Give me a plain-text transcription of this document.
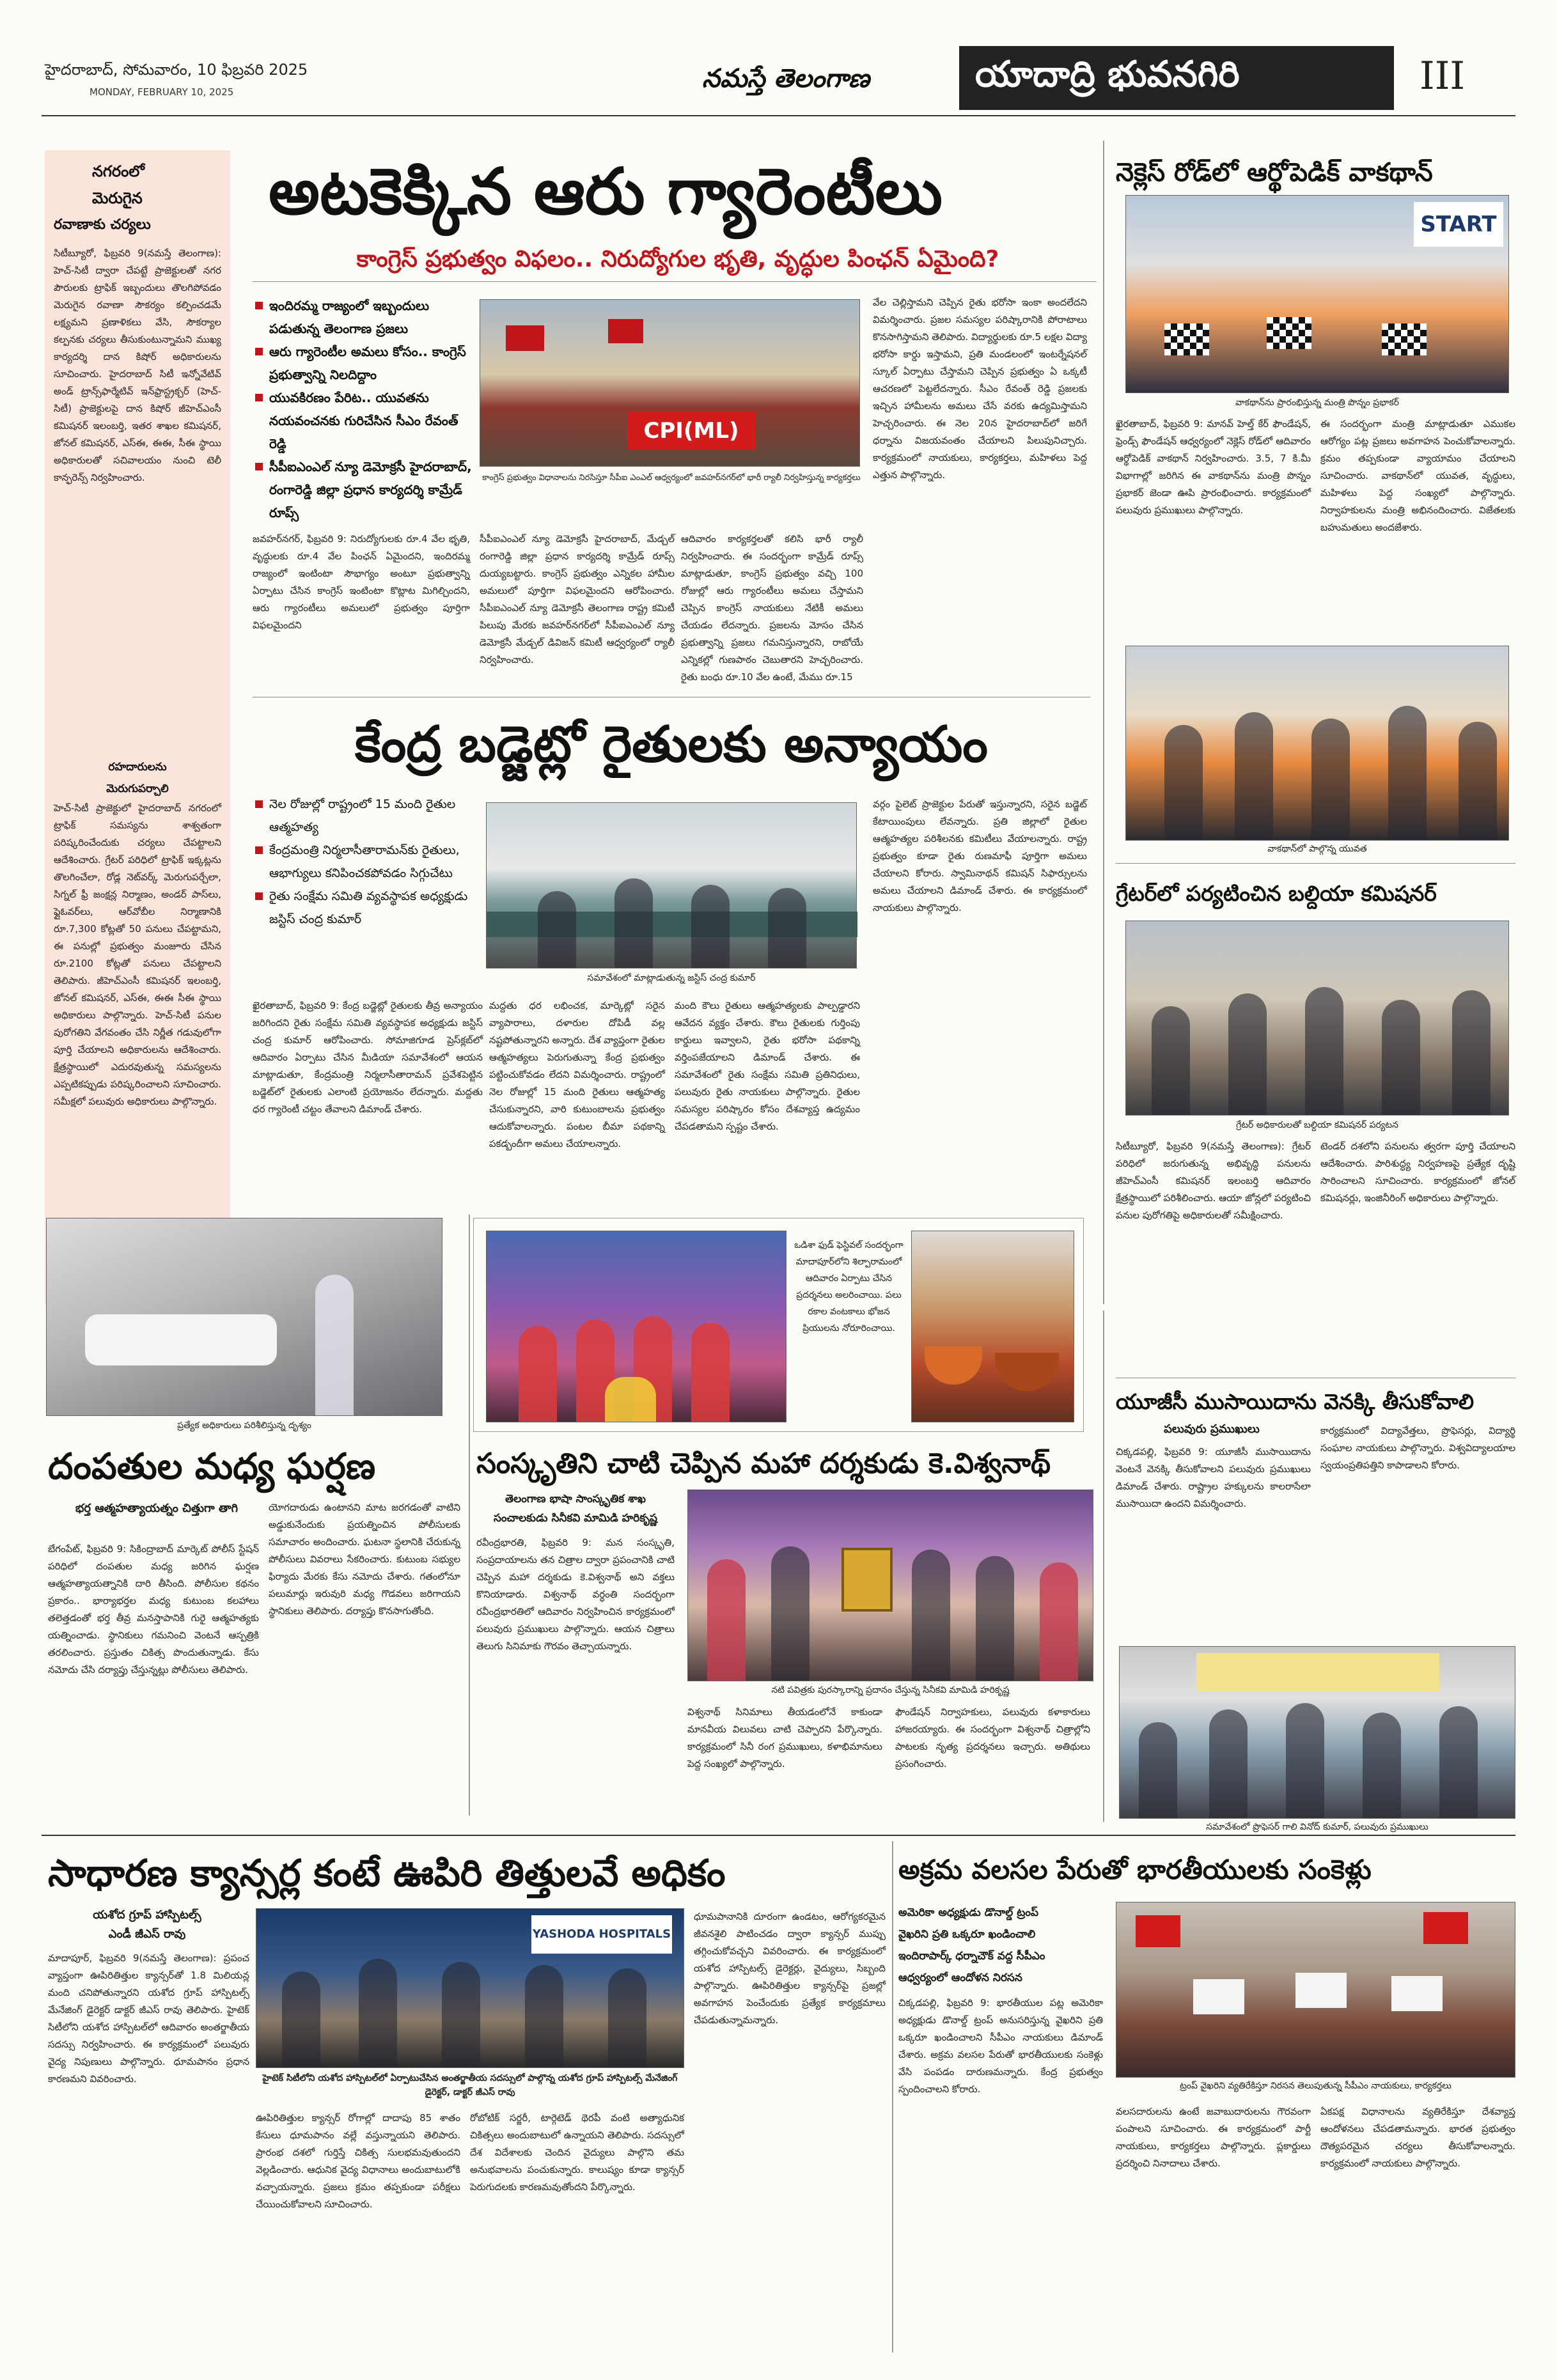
హైదరాబాద్, సోమవారం, 10 ఫిబ్రవరి 2025
MONDAY, FEBRUARY 10, 2025	నమస్తే తెలంగాణ	యాదాద్రి భువనగిరి	III
నగరంలో
మెరుగైన
రవాణాకు చర్యలు
సిటీబ్యూరో, ఫిబ్రవరి 9(నమస్తే తెలంగాణ): హెచ్‌-సిటీ ద్వారా చేపట్టే ప్రాజెక్టులతో నగర పౌరులకు ట్రాఫిక్‌ ఇబ్బందులు తొలగిపోవడం మెరుగైన రవాణా సౌకర్యం కల్పించడమే లక్ష్యమని ప్రణాళికలు వేసి, సౌకర్యాల కల్పనకు చర్యలు తీసుకుంటున్నామని ముఖ్య కార్యదర్శి దాన కిషోర్‌ అధికారులను సూచించారు. హైదరాబాద్‌ సిటీ ఇన్నోవేటివ్‌ అండ్‌ ట్రాన్స్‌ఫార్మేటివ్‌ ఇన్‌ఫ్రాస్ట్రక్చర్‌ (హెచ్‌-సిటీ) ప్రాజెక్టులపై దాన కిషోర్‌ జీహెచ్‌ఎంసీ కమిషనర్‌ ఇలంబర్తి, ఇతర శాఖల కమిషనర్‌, జోనల్‌ కమిషనర్‌, ఎస్‌ఈ, ఈఈ, సీఈ స్థాయి అధికారులతో సచివాలయం నుంచి టెలీ కాన్ఫరెన్స్‌ నిర్వహించారు.
రహదారులను
మెరుగుపర్చాలి
హెచ్‌-సిటీ ప్రాజెక్టులో హైదరాబాద్‌ నగరంలో ట్రాఫిక్‌ సమస్యను శాశ్వతంగా పరిష్కరించేందుకు చర్యలు చేపట్టాలని ఆదేశించారు. గ్రేటర్‌ పరిధిలో ట్రాఫిక్‌ ఇక్కట్లను తొలగించేలా, రోడ్ల నెట్‌వర్క్‌ మెరుగుపర్చేలా, సిగ్నల్‌ ఫ్రీ జంక్షన్ల నిర్మాణం, అండర్‌ పాస్‌లు, ఫ్లైఓవర్‌లు, ఆర్‌వోబీల నిర్మాణానికి రూ.7,300 కోట్లతో 50 పనులు చేపట్టామని, ఈ పనుల్లో ప్రభుత్వం మంజూరు చేసిన రూ.2100 కోట్లతో పనులు చేపట్టాలని తెలిపారు. జీహెచ్‌ఎంసీ కమిషనర్‌ ఇలంబర్తి, జోనల్‌ కమిషనర్‌, ఎస్‌ఈ, ఈఈ సీఈ స్థాయి అధికారులు పాల్గొన్నారు. హెచ్‌-సిటీ పనుల పురోగతిని వేగవంతం చేసి నిర్ణీత గడువులోగా పూర్తి చేయాలని అధికారులను ఆదేశించారు. క్షేత్రస్థాయిలో ఎదురవుతున్న సమస్యలను ఎప్పటికప్పుడు పరిష్కరించాలని సూచించారు. సమీక్షలో పలువురు అధికారులు పాల్గొన్నారు.
అటకెక్కిన ఆరు గ్యారెంటీలు
కాంగ్రెస్‌ ప్రభుత్వం విఫలం.. నిరుద్యోగుల భృతి, వృద్ధుల పింఛన్‌ ఏమైంది?
ఇందిరమ్మ రాజ్యంలో ఇబ్బందులు పడుతున్న తెలంగాణ ప్రజలు
ఆరు గ్యారెంటీల అమలు కోసం.. కాంగ్రెస్‌ ప్రభుత్వాన్ని నిలదిద్దాం
యువకిరణం పేరిట.. యువతను నయవంచనకు గురిచేసిన సీఎం రేవంత్‌ రెడ్డి
సీపీఐఎంఎల్‌ న్యూ డెమోక్రసీ హైదరాబాద్‌, రంగారెడ్డి జిల్లా ప్రధాన కార్యదర్శి కామ్రేడ్‌ రూప్స్‌
CPI(ML)
కాంగ్రెస్‌ ప్రభుత్వం విధానాలను నిరసిస్తూ సీపీఐ ఎంఎల్‌ ఆధ్వర్యంలో జవహర్‌నగర్‌లో భారీ ర్యాలీ నిర్వహిస్తున్న కార్యకర్తలు
జవహర్‌నగర్‌, ఫిబ్రవరి 9: నిరుద్యోగులకు రూ.4 వేల భృతి, వృద్ధులకు రూ.4 వేల పింఛన్‌ ఏమైందని, ఇందిరమ్మ రాజ్యంలో ఇంటింటా సౌభాగ్యం అంటూ ప్రభుత్వాన్ని ఏర్పాటు చేసిన కాంగ్రెస్‌ ఇంటింటా కొట్లాట మిగిల్చిందని, ఆరు గ్యారంటీలు అమలులో ప్రభుత్వం పూర్తిగా విఫలమైందని
సీపీఐఎంఎల్‌ న్యూ డెమోక్రసీ హైదరాబాద్‌, మేడ్చల్‌ రంగారెడ్డి జిల్లా ప్రధాన కార్యదర్శి కామ్రేడ్‌ రూప్స్‌ దుయ్యబట్టారు. కాంగ్రెస్‌ ప్రభుత్వం ఎన్నికల హామీల అమలులో పూర్తిగా విఫలమైందని ఆరోపించారు. సీపీఐఎంఎల్‌ న్యూ డెమోక్రసీ తెలంగాణ రాష్ట్ర కమిటీ పిలుపు మేరకు జవహర్‌నగర్‌లో సీపీఐఎంఎల్‌ న్యూ డెమోక్రసీ మేడ్చల్‌ డివిజన్‌ కమిటీ ఆధ్వర్యంలో ర్యాలీ నిర్వహించారు.
ఆదివారం కార్యకర్తలతో కలిసి భారీ ర్యాలీ నిర్వహించారు. ఈ సందర్భంగా కామ్రేడ్‌ రూప్స్‌ మాట్లాడుతూ, కాంగ్రెస్‌ ప్రభుత్వం వచ్చి 100 రోజుల్లో ఆరు గ్యారంటీలు అమలు చేస్తామని చెప్పిన కాంగ్రెస్‌ నాయకులు నేటికీ అమలు చేయడం లేదన్నారు. ప్రజలను మోసం చేసిన ప్రభుత్వాన్ని ప్రజలు గమనిస్తున్నారని, రాబోయే ఎన్నికల్లో గుణపాఠం చెబుతారని హెచ్చరించారు. రైతు బంధు రూ.10 వేల ఉంటే, మేము రూ.15
వేల చెల్లిస్తామని చెప్పిన రైతు భరోసా ఇంకా అందలేదని విమర్శించారు. ప్రజల సమస్యల పరిష్కారానికి పోరాటాలు కొనసాగిస్తామని తెలిపారు. విద్యార్థులకు రూ.5 లక్షల విద్యా భరోసా కార్డు ఇస్తామని, ప్రతి మండలంలో ఇంటర్నేషనల్‌ స్కూల్‌ ఏర్పాటు చేస్తామని చెప్పిన ప్రభుత్వం ఏ ఒక్కటీ ఆచరణలో పెట్టలేదన్నారు. సీఎం రేవంత్‌ రెడ్డి ప్రజలకు ఇచ్చిన హామీలను అమలు చేసే వరకు ఉద్యమిస్తామని హెచ్చరించారు. ఈ నెల 20న హైదరాబాద్‌లో జరిగే ధర్నాను విజయవంతం చేయాలని పిలుపునిచ్చారు. కార్యక్రమంలో నాయకులు, కార్యకర్తలు, మహిళలు పెద్ద ఎత్తున పాల్గొన్నారు.
కేంద్ర బడ్జెట్లో రైతులకు అన్యాయం
నెల రోజుల్లో రాష్ట్రంలో 15 మంది రైతుల ఆత్మహత్య
కేంద్రమంత్రి నిర్మలాసీతారామన్‌కు రైతులు, ఆభాగ్యులు కనిపించకపోవడం సిగ్గుచేటు
రైతు సంక్షేమ సమితి వ్యవస్థాపక అధ్యక్షుడు జస్టిస్‌ చంద్ర కుమార్‌
సమావేశంలో మాట్లాడుతున్న జస్టిస్‌ చంద్ర కుమార్‌
ఖైరతాబాద్‌, ఫిబ్రవరి 9: కేంద్ర బడ్జెట్లో రైతులకు తీవ్ర అన్యాయం జరిగిందని రైతు సంక్షేమ సమితి వ్యవస్థాపక అధ్యక్షుడు జస్టిస్‌ చంద్ర కుమార్‌ ఆరోపించారు. సోమాజిగూడ ప్రెస్‌క్లబ్‌లో ఆదివారం ఏర్పాటు చేసిన మీడియా సమావేశంలో ఆయన మాట్లాడుతూ, కేంద్రమంత్రి నిర్మలాసీతారామన్‌ ప్రవేశపెట్టిన బడ్జెట్‌లో రైతులకు ఎలాంటి ప్రయోజనం లేదన్నారు. మద్దతు ధర గ్యారెంటీ చట్టం తేవాలని డిమాండ్‌ చేశారు.
మద్దతు ధర లభించక, మార్కెట్లో సరైన వ్యాపారాలు, దళారుల దోపిడీ వల్ల నష్టపోతున్నారని అన్నారు. దేశ వ్యాప్తంగా రైతుల ఆత్మహత్యలు పెరుగుతున్నా కేంద్ర ప్రభుత్వం పట్టించుకోవడం లేదని విమర్శించారు. రాష్ట్రంలో నెల రోజుల్లో 15 మంది రైతులు ఆత్మహత్య చేసుకున్నారని, వారి కుటుంబాలను ప్రభుత్వం ఆదుకోవాలన్నారు. పంటల బీమా పథకాన్ని పకడ్బందీగా అమలు చేయాలన్నారు.
మంది కౌలు రైతులు ఆత్మహత్యలకు పాల్పడ్డారని ఆవేదన వ్యక్తం చేశారు. కౌలు రైతులకు గుర్తింపు కార్డులు ఇవ్వాలని, రైతు భరోసా పథకాన్ని వర్తింపజేయాలని డిమాండ్‌ చేశారు. ఈ సమావేశంలో రైతు సంక్షేమ సమితి ప్రతినిధులు, పలువురు రైతు నాయకులు పాల్గొన్నారు. రైతుల సమస్యల పరిష్కారం కోసం దేశవ్యాప్త ఉద్యమం చేపడతామని స్పష్టం చేశారు.
వర్గం పైలెట్‌ ప్రాజెక్టుల పేరుతో ఇస్తున్నారని, సరైన బడ్జెట్‌ కేటాయింపులు లేవన్నారు. ప్రతి జిల్లాలో రైతుల ఆత్మహత్యల పరిశీలనకు కమిటీలు వేయాలన్నారు. రాష్ట్ర ప్రభుత్వం కూడా రైతు రుణమాఫీ పూర్తిగా అమలు చేయాలని కోరారు. స్వామినాథన్‌ కమిషన్‌ సిఫార్సులను అమలు చేయాలని డిమాండ్‌ చేశారు. ఈ కార్యక్రమంలో నాయకులు పాల్గొన్నారు.
నెక్లెస్‌ రోడ్‌లో ఆర్థోపెడిక్‌ వాకథాన్‌
START
వాకథాన్‌ను ప్రారంభిస్తున్న మంత్రి పొన్నం ప్రభాకర్‌
ఖైరతాబాద్‌, ఫిబ్రవరి 9: మానవ్‌ హెల్త్‌ కేర్‌ ఫౌండేషన్‌, ఫ్రెండ్స్‌ ఫౌండేషన్‌ ఆధ్వర్యంలో నెక్లెస్‌ రోడ్‌లో ఆదివారం ఆర్థోపెడిక్‌ వాకథాన్‌ నిర్వహించారు. 3.5, 7 కి.మీ విభాగాల్లో జరిగిన ఈ వాకథాన్‌ను మంత్రి పొన్నం ప్రభాకర్‌ జెండా ఊపి ప్రారంభించారు. కార్యక్రమంలో పలువురు ప్రముఖులు పాల్గొన్నారు.
ఈ సందర్భంగా మంత్రి మాట్లాడుతూ ఎముకల ఆరోగ్యం పట్ల ప్రజలు అవగాహన పెంచుకోవాలన్నారు. క్రమం తప్పకుండా వ్యాయామం చేయాలని సూచించారు. వాకథాన్‌లో యువత, వృద్ధులు, మహిళలు పెద్ద సంఖ్యలో పాల్గొన్నారు. నిర్వాహకులను మంత్రి అభినందించారు. విజేతలకు బహుమతులు అందజేశారు.
వాకథాన్‌లో పాల్గొన్న యువత
గ్రేటర్‌లో పర్యటించిన బల్దియా కమిషనర్‌
గ్రేటర్‌ అధికారులతో బల్దియా కమిషనర్‌ పర్యటన
సిటీబ్యూరో, ఫిబ్రవరి 9(నమస్తే తెలంగాణ): గ్రేటర్‌ పరిధిలో జరుగుతున్న అభివృద్ధి పనులను జీహెచ్‌ఎంసీ కమిషనర్‌ ఇలంబర్తి ఆదివారం క్షేత్రస్థాయిలో పరిశీలించారు. ఆయా జోన్లలో పర్యటించి పనుల పురోగతిపై అధికారులతో సమీక్షించారు.
టెండర్‌ దశలోని పనులను త్వరగా పూర్తి చేయాలని ఆదేశించారు. పారిశుద్ధ్య నిర్వహణపై ప్రత్యేక దృష్టి సారించాలని సూచించారు. కార్యక్రమంలో జోనల్‌ కమిషనర్లు, ఇంజినీరింగ్‌ అధికారులు పాల్గొన్నారు.
యూజీసీ ముసాయిదాను వెనక్కి తీసుకోవాలి
పలువురు ప్రముఖులు
చిక్కడపల్లి, ఫిబ్రవరి 9: యూజీసీ ముసాయిదాను వెంటనే వెనక్కి తీసుకోవాలని పలువురు ప్రముఖులు డిమాండ్‌ చేశారు. రాష్ట్రాల హక్కులను కాలరాసేలా ముసాయిదా ఉందని విమర్శించారు.
కార్యక్రమంలో విద్యావేత్తలు, ప్రొఫెసర్లు, విద్యార్థి సంఘాల నాయకులు పాల్గొన్నారు. విశ్వవిద్యాలయాల స్వయంప్రతిపత్తిని కాపాడాలని కోరారు.
సమావేశంలో ప్రొఫెసర్‌ గాలి వినోద్‌ కుమార్‌, పలువురు ప్రముఖులు
ప్రత్యేక అధికారులు పరిశీలిస్తున్న దృశ్యం
ఒడిశా ఫుడ్‌ ఫెస్టివల్‌ సందర్భంగా మాదాపూర్‌లోని శిల్పారామంలో ఆదివారం ఏర్పాటు చేసిన ప్రదర్శనలు అలరించాయి. పలు రకాల వంటకాలు భోజన ప్రియులను నోరూరించాయి.
దంపతుల మధ్య ఘర్షణ
భర్త ఆత్మహత్యాయత్నం చిత్తుగా తాగి
బేగంపేట్‌, ఫిబ్రవరి 9: సికింద్రాబాద్‌ మార్కెట్‌ పోలీస్‌ స్టేషన్‌ పరిధిలో దంపతుల మధ్య జరిగిన ఘర్షణ ఆత్మహత్యాయత్నానికి దారి తీసింది. పోలీసుల కథనం ప్రకారం.. భార్యాభర్తల మధ్య కుటుంబ కలహాలు తలెత్తడంతో భర్త తీవ్ర మనస్తాపానికి గురై ఆత్మహత్యకు యత్నించాడు. స్థానికులు గమనించి వెంటనే ఆస్పత్రికి తరలించారు. ప్రస్తుతం చికిత్స పొందుతున్నాడు. కేసు నమోదు చేసి దర్యాప్తు చేస్తున్నట్లు పోలీసులు తెలిపారు.
యోగదారుడు ఉంటానని మాట జరగడంతో వాటిని అడ్డుకునేందుకు ప్రయత్నించిన పోలీసులకు సమాచారం అందించారు. ఘటనా స్థలానికి చేరుకున్న పోలీసులు వివరాలు సేకరించారు. కుటుంబ సభ్యుల ఫిర్యాదు మేరకు కేసు నమోదు చేశారు. గతంలోనూ పలుమార్లు ఇరువురి మధ్య గొడవలు జరిగాయని స్థానికులు తెలిపారు. దర్యాప్తు కొనసాగుతోంది.
సంస్కృతిని చాటి చెప్పిన మహా దర్శకుడు కె.విశ్వనాథ్‌
తెలంగాణ భాషా సాంస్కృతిక శాఖ సంచాలకుడు సినీకవి మామిడి హరికృష్ణ
రవీంద్రభారతి, ఫిబ్రవరి 9: మన సంస్కృతి, సంప్రదాయాలను తన చిత్రాల ద్వారా ప్రపంచానికి చాటి చెప్పిన మహా దర్శకుడు కె.విశ్వనాథ్‌ అని వక్తలు కొనియాడారు. విశ్వనాథ్‌ వర్ధంతి సందర్భంగా రవీంద్రభారతిలో ఆదివారం నిర్వహించిన కార్యక్రమంలో పలువురు ప్రముఖులు పాల్గొన్నారు. ఆయన చిత్రాలు తెలుగు సినిమాకు గౌరవం తెచ్చాయన్నారు.
నటి పవిత్రకు పురస్కారాన్ని ప్రదానం చేస్తున్న సినీకవి మామిడి హరికృష్ణ
విశ్వనాథ్‌ సినిమాలు తీయడంలోనే కాకుండా మానవీయ విలువలు చాటి చెప్పారని పేర్కొన్నారు. కార్యక్రమంలో సినీ రంగ ప్రముఖులు, కళాభిమానులు పెద్ద సంఖ్యలో పాల్గొన్నారు.
ఫౌండేషన్‌ నిర్వాహకులు, పలువురు కళాకారులు హాజరయ్యారు. ఈ సందర్భంగా విశ్వనాథ్‌ చిత్రాల్లోని పాటలకు నృత్య ప్రదర్శనలు ఇచ్చారు. అతిథులు ప్రసంగించారు.
సాధారణ క్యాన్సర్ల కంటే ఊపిరి తిత్తులవే అధికం
యశోద గ్రూప్‌ హాస్పిటల్స్‌
ఎండీ జీఎస్‌ రావు
మాదాపూర్‌, ఫిబ్రవరి 9(నమస్తే తెలంగాణ): ప్రపంచ వ్యాప్తంగా ఊపిరితిత్తుల క్యాన్సర్‌తో 1.8 మిలియన్ల మంది చనిపోతున్నారని యశోద గ్రూప్‌ హాస్పిటల్స్‌ మేనేజింగ్‌ డైరెక్టర్‌ డాక్టర్‌ జీఎస్‌ రావు తెలిపారు. హైటెక్‌ సిటీలోని యశోద హాస్పిటల్‌లో ఆదివారం అంతర్జాతీయ సదస్సు నిర్వహించారు. ఈ కార్యక్రమంలో పలువురు వైద్య నిపుణులు పాల్గొన్నారు. ధూమపానం ప్రధాన కారణమని వివరించారు.
YASHODA HOSPITALS
హైటెక్‌ సిటీలోని యశోద హాస్పిటల్‌లో ఏర్పాటుచేసిన అంతర్జాతీయ సదస్సులో పాల్గొన్న యశోద గ్రూప్‌ హాస్పిటల్స్‌ మేనేజింగ్‌ డైరెక్టర్‌, డాక్టర్‌ జీఎస్‌ రావు
ఊపిరితిత్తుల క్యాన్సర్‌ రోగాల్లో దాదాపు 85 శాతం కేసులు ధూమపానం వల్లే వస్తున్నాయని తెలిపారు. ప్రారంభ దశలో గుర్తిస్తే చికిత్స సులభమవుతుందని వెల్లడించారు. ఆధునిక వైద్య విధానాలు అందుబాటులోకి వచ్చాయన్నారు. ప్రజలు క్రమం తప్పకుండా పరీక్షలు చేయించుకోవాలని సూచించారు.
రోబోటిక్‌ సర్జరీ, టార్గెటెడ్‌ థెరపీ వంటి అత్యాధునిక చికిత్సలు అందుబాటులో ఉన్నాయని తెలిపారు. సదస్సులో దేశ విదేశాలకు చెందిన వైద్యులు పాల్గొని తమ అనుభవాలను పంచుకున్నారు. కాలుష్యం కూడా క్యాన్సర్‌ పెరుగుదలకు కారణమవుతోందని పేర్కొన్నారు.
ధూమపానానికి దూరంగా ఉండటం, ఆరోగ్యకరమైన జీవనశైలి పాటించడం ద్వారా క్యాన్సర్‌ ముప్పు తగ్గించుకోవచ్చని వివరించారు. ఈ కార్యక్రమంలో యశోద హాస్పిటల్స్‌ డైరెక్టర్లు, వైద్యులు, సిబ్బంది పాల్గొన్నారు. ఊపిరితిత్తుల క్యాన్సర్‌పై ప్రజల్లో అవగాహన పెంచేందుకు ప్రత్యేక కార్యక్రమాలు చేపడుతున్నామన్నారు.
అక్రమ వలసల పేరుతో భారతీయులకు సంకెళ్లు
అమెరికా అధ్యక్షుడు డొనాల్డ్‌ ట్రంప్‌
వైఖరిని ప్రతి ఒక్కరూ ఖండించాలి
ఇందిరాపార్క్‌ ధర్నాచౌక్‌ వద్ద సీపీఎం
ఆధ్వర్యంలో ఆందోళన నిరసన
చిక్కడపల్లి, ఫిబ్రవరి 9: భారతీయుల పట్ల అమెరికా అధ్యక్షుడు డొనాల్డ్‌ ట్రంప్‌ అనుసరిస్తున్న వైఖరిని ప్రతి ఒక్కరూ ఖండించాలని సీపీఎం నాయకులు డిమాండ్‌ చేశారు. అక్రమ వలసల పేరుతో భారతీయులకు సంకెళ్లు వేసి పంపడం దారుణమన్నారు. కేంద్ర ప్రభుత్వం స్పందించాలని కోరారు.	ట్రంప్‌ వైఖరిని వ్యతిరేకిస్తూ నిరసన తెలుపుతున్న సీపీఎం నాయకులు, కార్యకర్తలు
వలసదారులను ఉంటే జవాబుదారులను గౌరవంగా పంపాలని సూచించారు. ఈ కార్యక్రమంలో పార్టీ నాయకులు, కార్యకర్తలు పాల్గొన్నారు. ప్లకార్డులు ప్రదర్శించి నినాదాలు చేశారు.
ఏకపక్ష విధానాలను వ్యతిరేకిస్తూ దేశవ్యాప్త ఆందోళనలు చేపడతామన్నారు. భారత ప్రభుత్వం దౌత్యపరమైన చర్యలు తీసుకోవాలన్నారు. కార్యక్రమంలో నాయకులు పాల్గొన్నారు.
